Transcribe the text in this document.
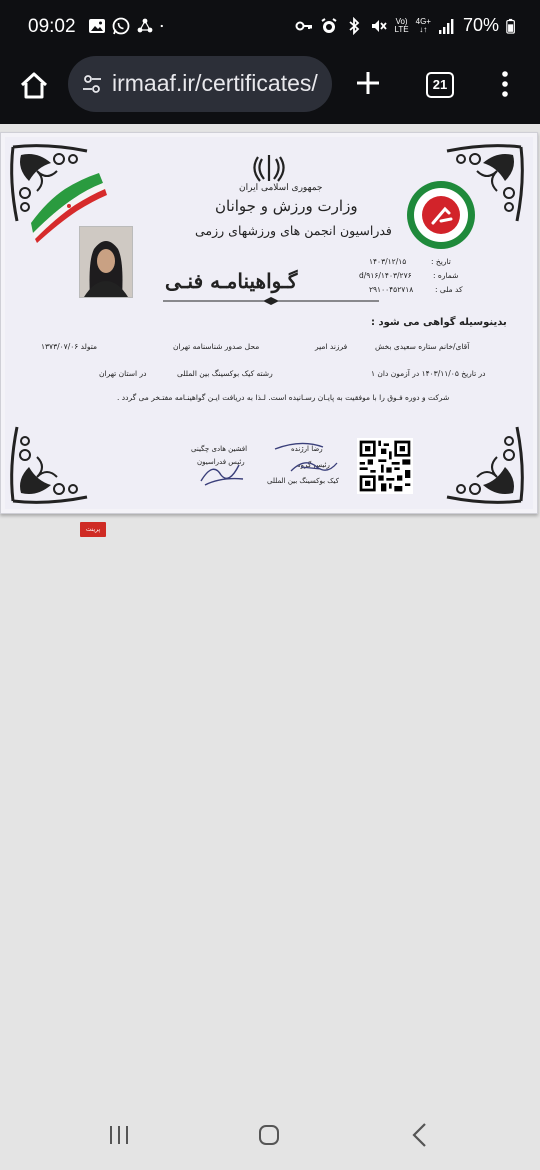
09:02	Vo)
LTE
4G+
↓↑ 70%
irmaaf.ir/certificates/	21
جمهوری اسلامی ایران
وزارت ورزش و جوانان
فدراسیون انجمن های ورزشهای رزمی
گـواهینامـه فنـی
تاریخ :
شماره :
کد ملی :
۱۴۰۳/۱۲/۱۵
۱۴۰۳/۲۷۶/d/۹۱۶
۲۹۱۰۰۴۵۲۷۱۸
بدینوسیله گواهی می شود :
آقای/خانم ستاره سعیدی بخش
فرزند امیر
محل صدور شناسنامه تهران
متولد ۱۳۷۳/۰۷/۰۶
در تاریخ ۱۴۰۳/۱۱/۰۵ در آزمون دان ۱
رشته کیک بوکسینگ بین المللی
در استان تهران
شرکت و دوره فـوق را با موفقیت به پایـان رسـانیده است. لـذا به دریافت ایـن گواهینـامه مفتـخر می گردد .
افشین هادی چگینی
رئیس فدراسیون
رضا ارژنده
رئیس گروه
کیک بوکسینگ بین المللی
پرینت
